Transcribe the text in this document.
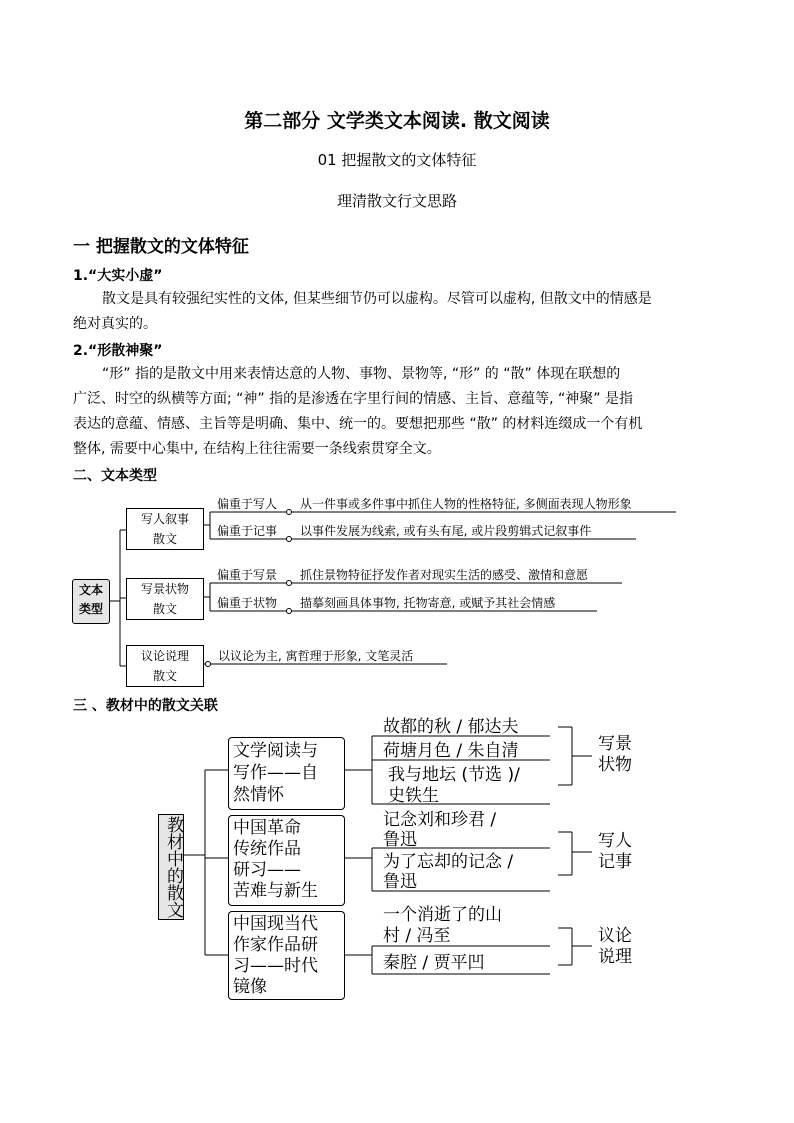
第二部分 文学类文本阅读. 散文阅读
01 把握散文的文体特征
理清散文行文思路
一 把握散文的文体特征
1.“大实小虚”
散文是具有较强纪实性的文体, 但某些细节仍可以虚构。尽管可以虚构, 但散文中的情感是
绝对真实的。
2.“形散神聚”
“形” 指的是散文中用来表情达意的人物、事物、景物等, “形” 的 “散” 体现在联想的
广泛、时空的纵横等方面; “神” 指的是渗透在字里行间的情感、主旨、意蕴等, “神聚” 是指
表达的意蕴、情感、主旨等是明确、集中、统一的。要想把那些 “散” 的材料连缀成一个有机
整体, 需要中心集中, 在结构上往往需要一条线索贯穿全文。
二、文本类型
文本
类型
写人叙事
散文
写景状物
散文
议论说理
散文
偏重于写人 从一件事或多件事中抓住人物的性格特征, 多侧面表现人物形象
偏重于记事 以事件发展为线索, 或有头有尾, 或片段剪辑式记叙事件
偏重于写景 抓住景物特征抒发作者对现实生活的感受、激情和意愿
偏重于状物 描摹刻画具体事物, 托物寄意, 或赋予其社会情感
以议论为主, 寓哲理于形象, 文笔灵活
三 、教材中的散文关联
教材中的散文
文学阅读与
写作——自
然情怀
中国革命
传统作品
研习——
苦难与新生
中国现当代
作家作品研
习——时代
镜像
故都的秋 / 郁达夫
荷塘月色 / 朱自清
我与地坛 (节选 )/
史铁生
记念刘和珍君 /
鲁迅
为了忘却的记念 /
鲁迅
一个消逝了的山
村 / 冯至
秦腔 / 贾平凹
写景
状物
写人
记事
议论
说理
